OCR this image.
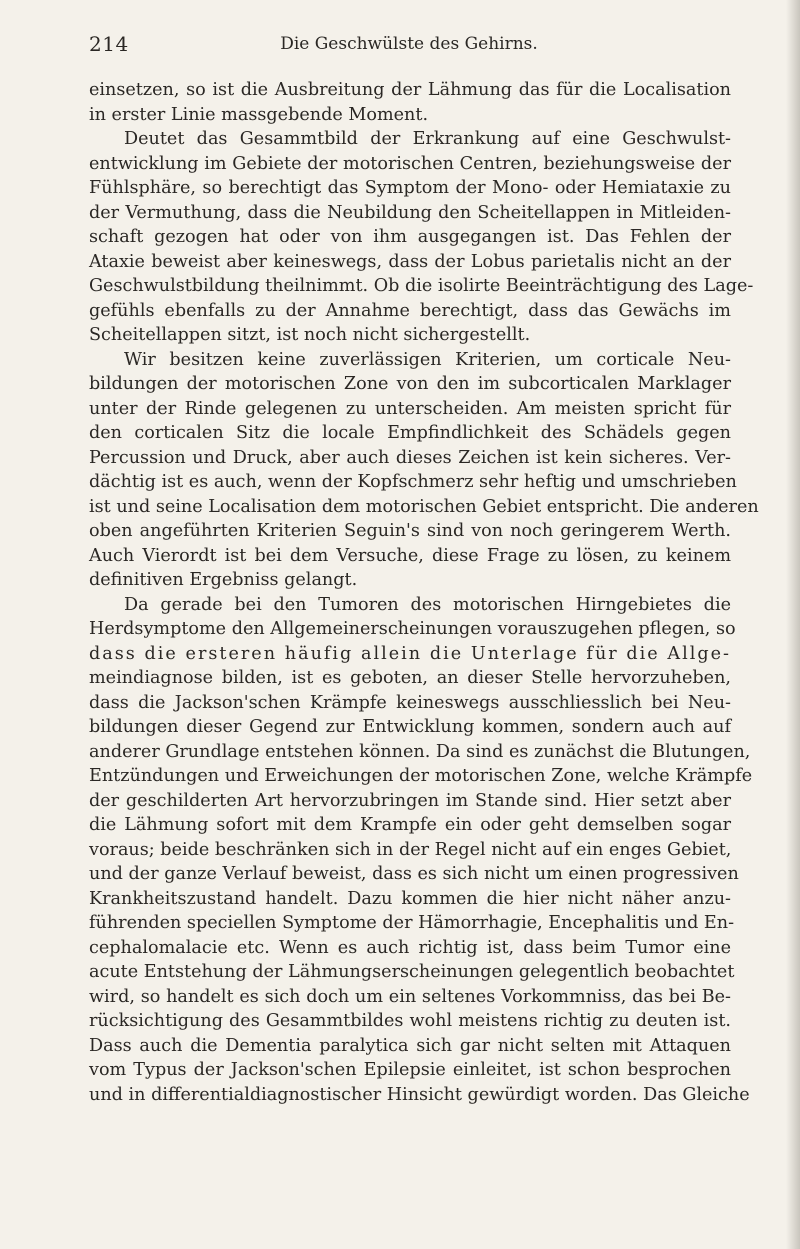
214	Die Geschwülste des Gehirns.
einsetzen, so ist die Ausbreitung der Lähmung das für die Localisation
in erster Linie massgebende Moment.
Deutet das Gesammtbild der Erkrankung auf eine Geschwulst-
entwicklung im Gebiete der motorischen Centren, beziehungsweise der
Fühlsphäre, so berechtigt das Symptom der Mono- oder Hemiataxie zu
der Vermuthung, dass die Neubildung den Scheitellappen in Mitleiden-
schaft gezogen hat oder von ihm ausgegangen ist. Das Fehlen der
Ataxie beweist aber keineswegs, dass der Lobus parietalis nicht an der
Geschwulstbildung theilnimmt. Ob die isolirte Beeinträchtigung des Lage-
gefühls ebenfalls zu der Annahme berechtigt, dass das Gewächs im
Scheitellappen sitzt, ist noch nicht sichergestellt.
Wir besitzen keine zuverlässigen Kriterien, um corticale Neu-
bildungen der motorischen Zone von den im subcorticalen Marklager
unter der Rinde gelegenen zu unterscheiden. Am meisten spricht für
den corticalen Sitz die locale Empfindlichkeit des Schädels gegen
Percussion und Druck, aber auch dieses Zeichen ist kein sicheres. Ver-
dächtig ist es auch, wenn der Kopfschmerz sehr heftig und umschrieben
ist und seine Localisation dem motorischen Gebiet entspricht. Die anderen
oben angeführten Kriterien Seguin's sind von noch geringerem Werth.
Auch Vierordt ist bei dem Versuche, diese Frage zu lösen, zu keinem
definitiven Ergebniss gelangt.
Da gerade bei den Tumoren des motorischen Hirngebietes die
Herdsymptome den Allgemeinerscheinungen vorauszugehen pflegen, so
dass die ersteren häufig allein die Unterlage für die Allge-
meindiagnose bilden, ist es geboten, an dieser Stelle hervorzuheben,
dass die Jackson'schen Krämpfe keineswegs ausschliesslich bei Neu-
bildungen dieser Gegend zur Entwicklung kommen, sondern auch auf
anderer Grundlage entstehen können. Da sind es zunächst die Blutungen,
Entzündungen und Erweichungen der motorischen Zone, welche Krämpfe
der geschilderten Art hervorzubringen im Stande sind. Hier setzt aber
die Lähmung sofort mit dem Krampfe ein oder geht demselben sogar
voraus; beide beschränken sich in der Regel nicht auf ein enges Gebiet,
und der ganze Verlauf beweist, dass es sich nicht um einen progressiven
Krankheitszustand handelt. Dazu kommen die hier nicht näher anzu-
führenden speciellen Symptome der Hämorrhagie, Encephalitis und En-
cephalomalacie etc. Wenn es auch richtig ist, dass beim Tumor eine
acute Entstehung der Lähmungserscheinungen gelegentlich beobachtet
wird, so handelt es sich doch um ein seltenes Vorkommniss, das bei Be-
rücksichtigung des Gesammtbildes wohl meistens richtig zu deuten ist.
Dass auch die Dementia paralytica sich gar nicht selten mit Attaquen
vom Typus der Jackson'schen Epilepsie einleitet, ist schon besprochen
und in differentialdiagnostischer Hinsicht gewürdigt worden. Das Gleiche
